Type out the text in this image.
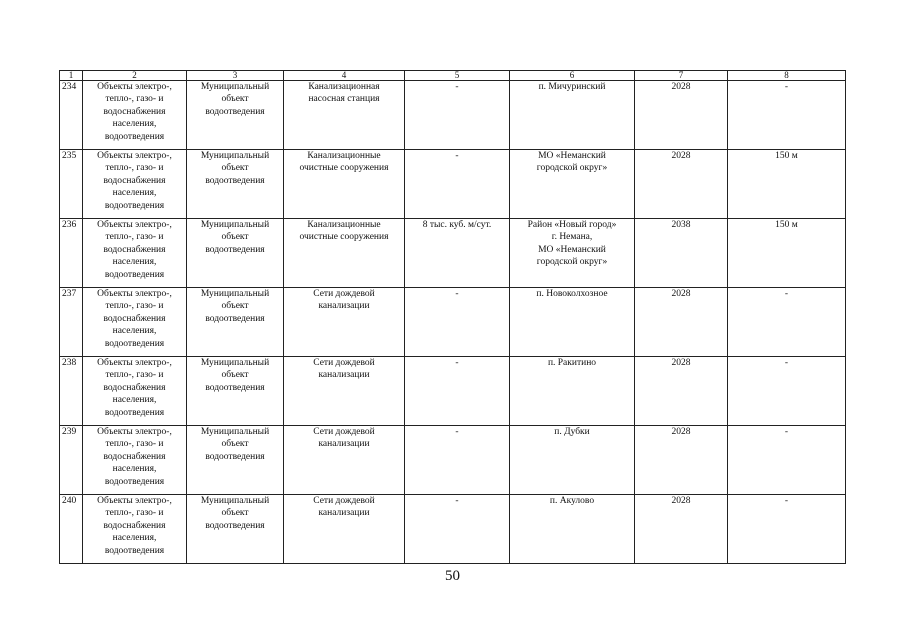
1	2	3	4	5	6	7	8
234	Объекты электро-,
тепло-, газо- и
водоснабжения
населения,
водоотведения	Муниципальный
объект
водоотведения	Канализационная
насосная станция	-	п. Мичуринский	2028	-

235	Объекты электро-,
тепло-, газо- и
водоснабжения
населения,
водоотведения	Муниципальный
объект
водоотведения	Канализационные
очистные сооружения	-	МО «Неманский
городской округ»	2028	150 м

236	Объекты электро-,
тепло-, газо- и
водоснабжения
населения,
водоотведения	Муниципальный
объект
водоотведения	Канализационные
очистные сооружения	8 тыс. куб. м/сут.	Район «Новый город»
г. Немана,
МО «Неманский
городской округ»	2038	150 м

237	Объекты электро-,
тепло-, газо- и
водоснабжения
населения,
водоотведения	Муниципальный
объект
водоотведения	Сети дождевой
канализации	-	п. Новоколхозное	2028	-

238	Объекты электро-,
тепло-, газо- и
водоснабжения
населения,
водоотведения	Муниципальный
объект
водоотведения	Сети дождевой
канализации	-	п. Ракитино	2028	-

239	Объекты электро-,
тепло-, газо- и
водоснабжения
населения,
водоотведения	Муниципальный
объект
водоотведения	Сети дождевой
канализации	-	п. Дубки	2028	-

240	Объекты электро-,
тепло-, газо- и
водоснабжения
населения,
водоотведения	Муниципальный
объект
водоотведения	Сети дождевой
канализации	-	п. Акулово	2028	-
50
